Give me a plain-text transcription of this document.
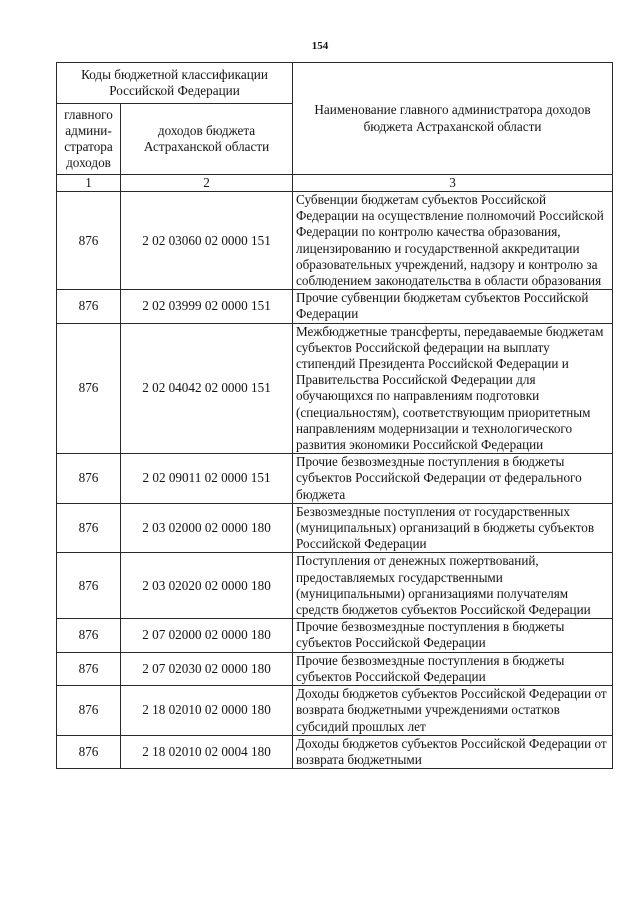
154
Коды бюджетной классификации Российской Федерации		Наименование главного администратора доходов бюджета Астраханской области
главного админи-стратора доходов	доходов бюджета Астраханской области	
1	2	3
876	2 02 03060 02 0000 151	Субвенции бюджетам субъектов Российской Федерации на осуществление полномочий Российской Федерации по контролю качества образования, лицензированию и государственной аккредитации образовательных учреждений, надзору и контролю за соблюдением законодательства в области образования
876	2 02 03999 02 0000 151	Прочие субвенции бюджетам субъектов Российской Федерации
876	2 02 04042 02 0000 151	Межбюджетные трансферты, передаваемые бюджетам субъектов Российской федерации на выплату стипендий Президента Российской Федерации и Правительства Российской Федерации для обучающихся по направлениям подготовки (специальностям), соответствующим приоритетным направлениям модернизации и технологического развития экономики Российской Федерации
876	2 02 09011 02 0000 151	Прочие безвозмездные поступления в бюджеты субъектов Российской Федерации от федерального бюджета
876	2 03 02000 02 0000 180	Безвозмездные поступления от государственных (муниципальных) организаций в бюджеты субъектов Российской Федерации
876	2 03 02020 02 0000 180	Поступления от денежных пожертвований, предоставляемых государственными (муниципальными) организациями получателям средств бюджетов субъектов Российской Федерации
876	2 07 02000 02 0000 180	Прочие безвозмездные поступления в бюджеты субъектов Российской Федерации
876	2 07 02030 02 0000 180	Прочие безвозмездные поступления в бюджеты субъектов Российской Федерации
876	2 18 02010 02 0000 180	Доходы бюджетов субъектов Российской Федерации от возврата бюджетными учреждениями остатков субсидий прошлых лет
876	2 18 02010 02 0004 180	Доходы бюджетов субъектов Российской Федерации от возврата бюджетными
